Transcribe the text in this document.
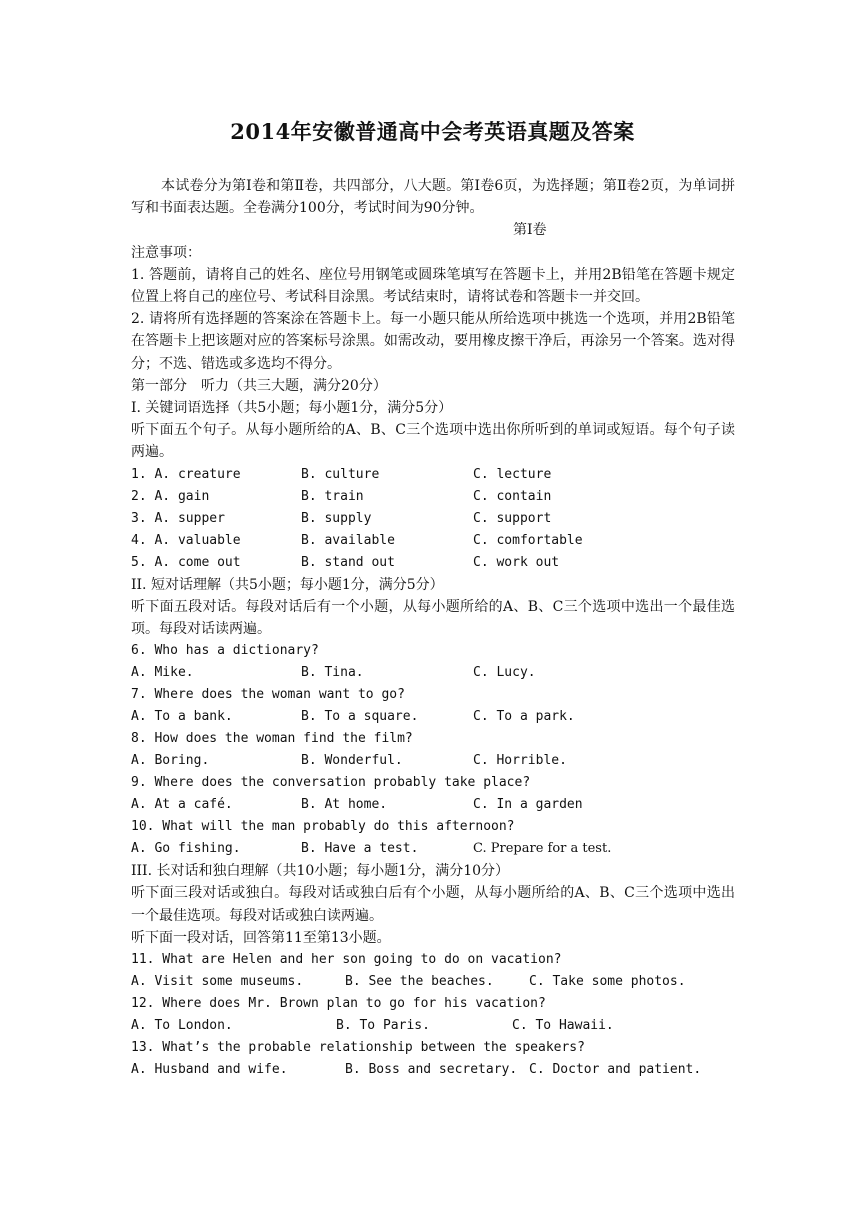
2014年安徽普通高中会考英语真题及答案

本试卷分为第Ⅰ卷和第Ⅱ卷，共四部分，八大题。第Ⅰ卷6页，为选择题；第Ⅱ卷2页，为单词拼写和书面表达题。全卷满分100分，考试时间为90分钟。

第Ⅰ卷

注意事项：

1. 答题前，请将自己的姓名、座位号用钢笔或圆珠笔填写在答题卡上，并用2B铅笔在答题卡规定位置上将自己的座位号、考试科目涂黑。考试结束时，请将试卷和答题卡一并交回。

2. 请将所有选择题的答案涂在答题卡上。每一小题只能从所给选项中挑选一个选项，并用2B铅笔在答题卡上把该题对应的答案标号涂黑。如需改动，要用橡皮擦干净后，再涂另一个答案。选对得分；不选、错选或多选均不得分。

第一部分　听力（共三大题，满分20分）

I. 关键词语选择（共5小题；每小题1分，满分5分）

听下面五个句子。从每小题所给的A、B、C三个选项中选出你所听到的单词或短语。每个句子读两遍。

1. A. creature	B. culture	C. lecture
2. A. gain	B. train	C. contain
3. A. supper	B. supply	C. support
4. A. valuable	B. available	C. comfortable
5. A. come out	B. stand out	C. work out

II. 短对话理解（共5小题；每小题1分，满分5分）

听下面五段对话。每段对话后有一个小题，从每小题所给的A、B、C三个选项中选出一个最佳选项。每段对话读两遍。

6. Who has a dictionary?
A. Mike.	B. Tina.	C. Lucy.
7. Where does the woman want to go?
A. To a bank.	B. To a square.	C. To a park.
8. How does the woman find the film?
A. Boring.	B. Wonderful.	C. Horrible.
9. Where does the conversation probably take place?
A. At a café.	B. At home.	C. In a garden
10. What will the man probably do this afternoon?
A. Go fishing.	B. Have a test.	C. Prepare for a test.

III. 长对话和独白理解（共10小题；每小题1分，满分10分）

听下面三段对话或独白。每段对话或独白后有个小题，从每小题所给的A、B、C三个选项中选出一个最佳选项。每段对话或独白读两遍。

听下面一段对话，回答第11至第13小题。

11. What are Helen and her son going to do on vacation?
A. Visit some museums.	B. See the beaches.	C. Take some photos.
12. Where does Mr. Brown plan to go for his vacation?
A. To London.	B. To Paris.	C. To Hawaii.
13. What’s the probable relationship between the speakers?
A. Husband and wife.	B. Boss and secretary. C. Doctor and patient.
